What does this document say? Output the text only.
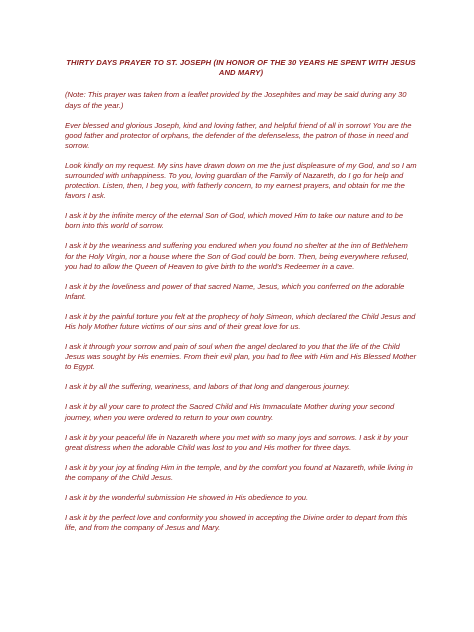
THIRTY DAYS PRAYER TO ST. JOSEPH (IN HONOR OF THE 30 YEARS HE SPENT WITH JESUS AND MARY)

(Note: This prayer was taken from a leaflet provided by the Josephites and may be said during any 30 days of the year.)

Ever blessed and glorious Joseph, kind and loving father, and helpful friend of all in sorrow! You are the good father and protector of orphans, the defender of the defenseless, the patron of those in need and sorrow.

Look kindly on my request. My sins have drawn down on me the just displeasure of my God, and so I am surrounded with unhappiness. To you, loving guardian of the Family of Nazareth, do I go for help and protection. Listen, then, I beg you, with fatherly concern, to my earnest prayers, and obtain for me the favors I ask.

I ask it by the infinite mercy of the eternal Son of God, which moved Him to take our nature and to be born into this world of sorrow.

I ask it by the weariness and suffering you endured when you found no shelter at the inn of Bethlehem for the Holy Virgin, nor a house where the Son of God could be born. Then, being everywhere refused, you had to allow the Queen of Heaven to give birth to the world's Redeemer in a cave.

I ask it by the loveliness and power of that sacred Name, Jesus, which you conferred on the adorable Infant.

I ask it by the painful torture you felt at the prophecy of holy Simeon, which declared the Child Jesus and His holy Mother future victims of our sins and of their great love for us.

I ask it through your sorrow and pain of soul when the angel declared to you that the life of the Child Jesus was sought by His enemies. From their evil plan, you had to flee with Him and His Blessed Mother to Egypt.

I ask it by all the suffering, weariness, and labors of that long and dangerous journey.

I ask it by all your care to protect the Sacred Child and His Immaculate Mother during your second journey, when you were ordered to return to your own country.

I ask it by your peaceful life in Nazareth where you met with so many joys and sorrows. I ask it by your great distress when the adorable Child was lost to you and His mother for three days.

I ask it by your joy at finding Him in the temple, and by the comfort you found at Nazareth, while living in the company of the Child Jesus.

I ask it by the wonderful submission He showed in His obedience to you.

I ask it by the perfect love and conformity you showed in accepting the Divine order to depart from this life, and from the company of Jesus and Mary.
